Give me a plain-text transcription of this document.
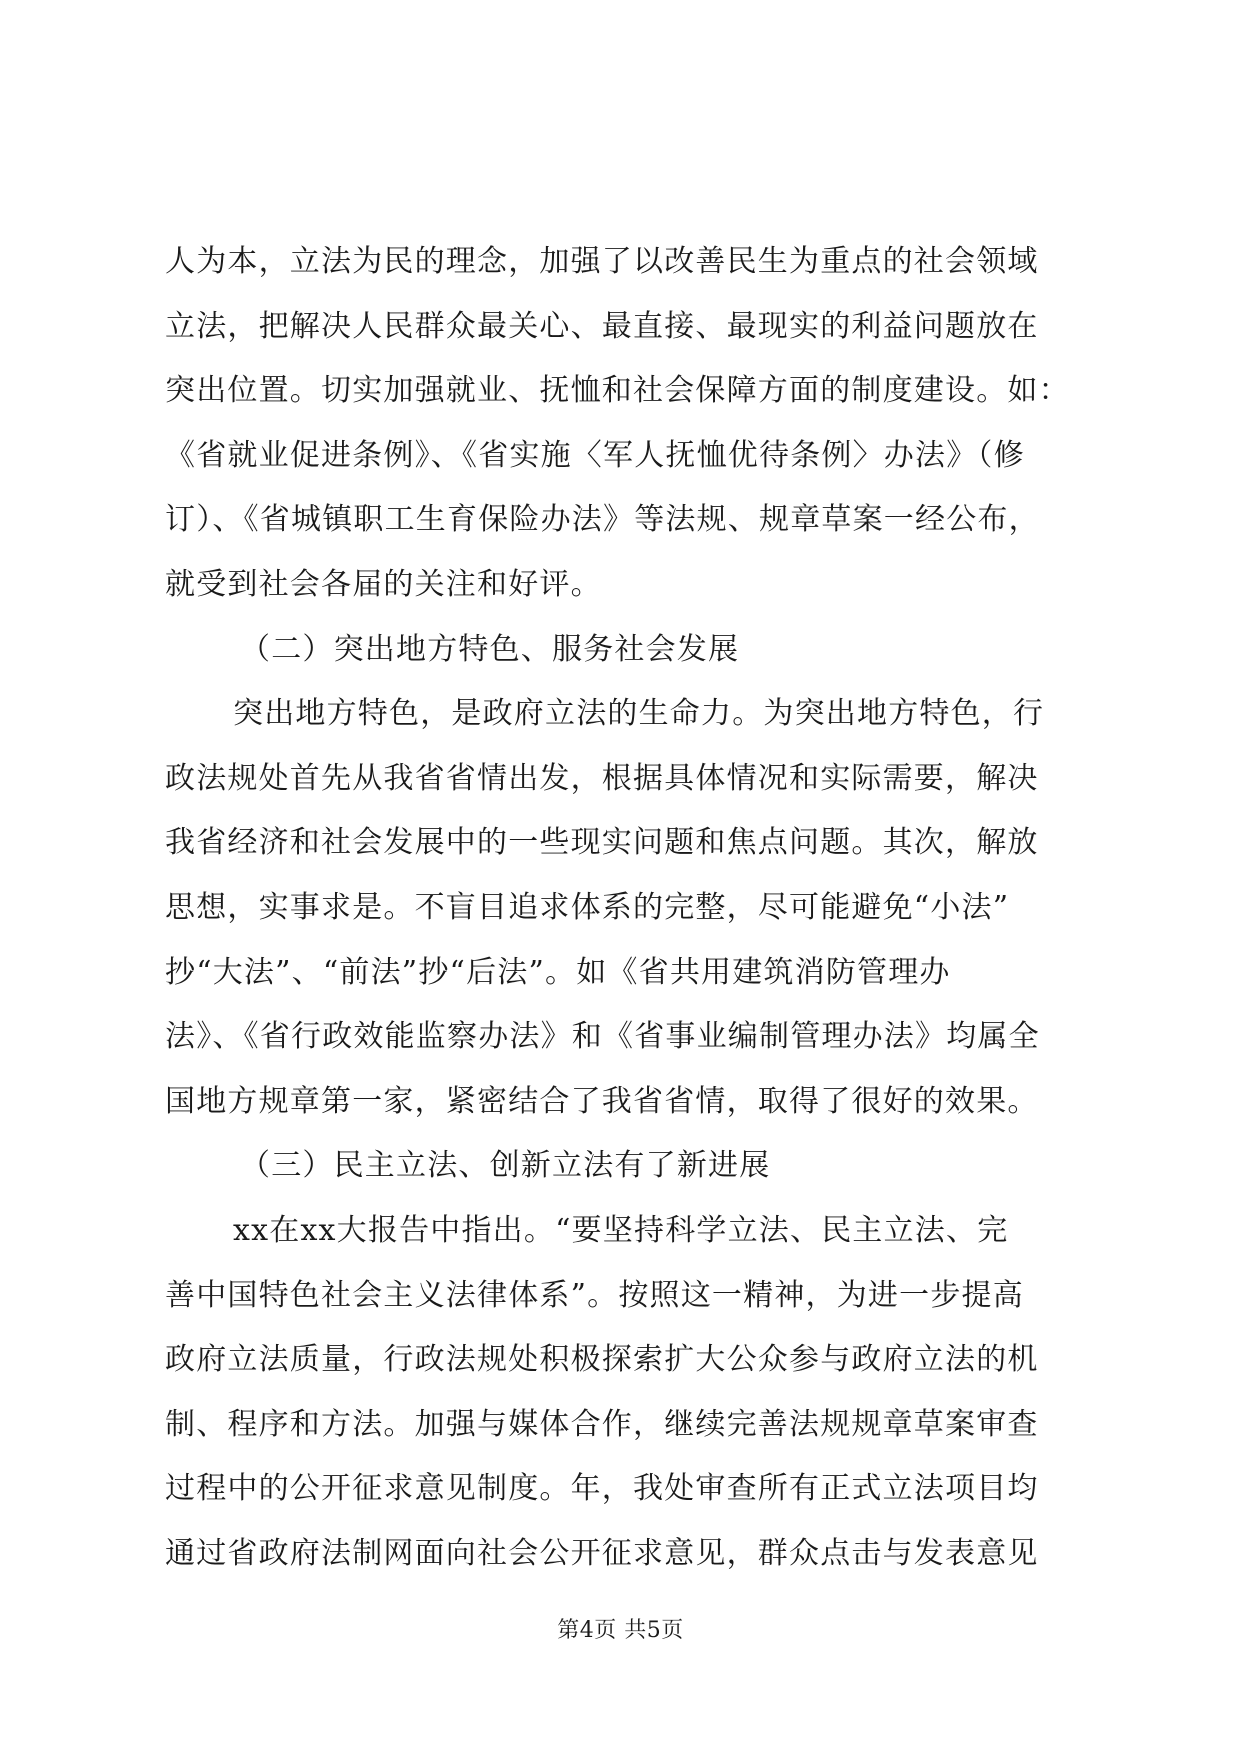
人为本，立法为民的理念，加强了以改善民生为重点的社会领域
立法，把解决人民群众最关心、最直接、最现实的利益问题放在
突出位置。切实加强就业、抚恤和社会保障方面的制度建设。如：
《省就业促进条例》、《省实施〈军人抚恤优待条例〉办法》（修
订）、《省城镇职工生育保险办法》等法规、规章草案一经公布，
就受到社会各届的关注和好评。
（二）突出地方特色、服务社会发展
突出地方特色，是政府立法的生命力。为突出地方特色，行
政法规处首先从我省省情出发，根据具体情况和实际需要，解决
我省经济和社会发展中的一些现实问题和焦点问题。其次，解放
思想，实事求是。不盲目追求体系的完整，尽可能避免“小法”
抄“大法”、“前法”抄“后法”。如《省共用建筑消防管理办
法》、《省行政效能监察办法》和《省事业编制管理办法》均属全
国地方规章第一家，紧密结合了我省省情，取得了很好的效果。
（三）民主立法、创新立法有了新进展
xx在xx大报告中指出。“要坚持科学立法、民主立法、完
善中国特色社会主义法律体系”。按照这一精神，为进一步提高
政府立法质量，行政法规处积极探索扩大公众参与政府立法的机
制、程序和方法。加强与媒体合作，继续完善法规规章草案审查
过程中的公开征求意见制度。年，我处审查所有正式立法项目均
通过省政府法制网面向社会公开征求意见，群众点击与发表意见
第4页 共5页
